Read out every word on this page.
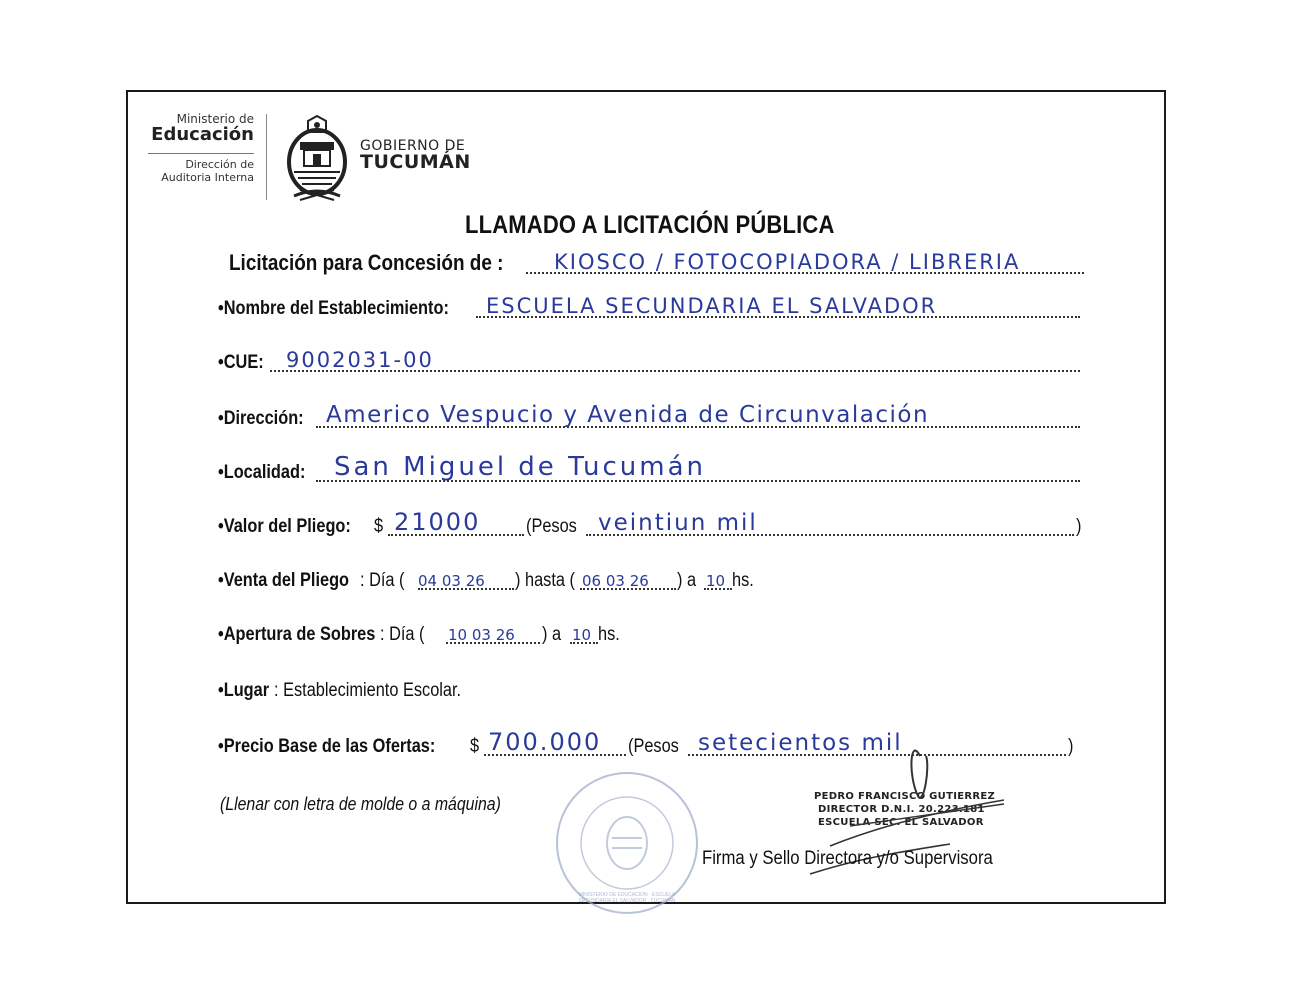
Ministerio de
Educación
Dirección de
Auditoria Interna
GOBIERNO DE
TUCUMÁN
LLAMADO A LICITACIÓN PÚBLICA
Licitación para Concesión de : KIOSCO / FOTOCOPIADORA / LIBRERIA
•Nombre del Establecimiento: ESCUELA SECUNDARIA EL SALVADOR
•CUE: 9002031-00
•Dirección: Americo Vespucio y Avenida de Circunvalación
•Localidad: San Miguel de Tucumán
•Valor del Pliego: $ 21000 (Pesos veintiun mil	)
•Venta del Pliego : Día ( 04 03 26 ) hasta ( 06 03 26 ) a 10 hs.
•Apertura de Sobres : Día ( 10 03 26 ) a 10 hs.
•Lugar : Establecimiento Escolar.
•Precio Base de las Ofertas: $ 700.000 (Pesos setecientos mil	)
(Llenar con letra de molde o a máquina)
MINISTERIO DE EDUCACION · ESCUELA SECUNDARIA EL SALVADOR · TUCUMAN
PEDRO FRANCISCO GUTIERREZ
DIRECTOR D.N.I. 20.223.181
ESCUELA SEC. EL SALVADOR
Firma y Sello Directora y/o Supervisora
